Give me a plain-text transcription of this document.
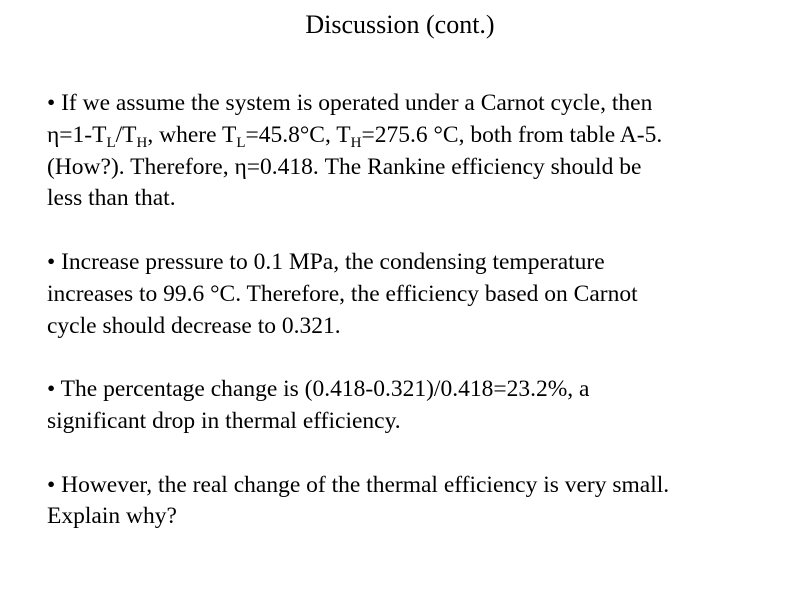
Discussion (cont.)
• If we assume the system is operated under a Carnot cycle, then
$\eta=1-T_L/T_H$, where $T_L=45.8^\circ C$, $T_H=275.6$ °C, both from table A-5.
(How?). Therefore, η=0.418. The Rankine efficiency should be
less than that.
• Increase pressure to 0.1 MPa, the condensing temperature
increases to 99.6 °C. Therefore, the efficiency based on Carnot
cycle should decrease to 0.321.
• The percentage change is (0.418-0.321)/0.418=23.2%, a
significant drop in thermal efficiency.
• However, the real change of the thermal efficiency is very small.
Explain why?
